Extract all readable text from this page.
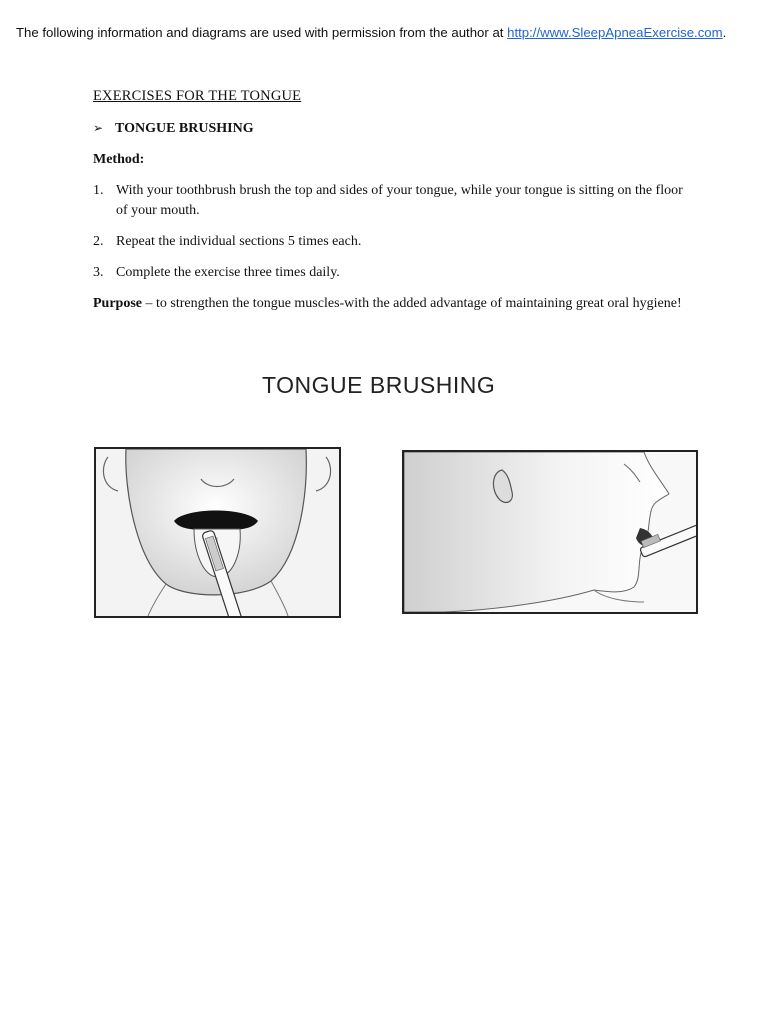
The following information and diagrams are used with permission from the author at http://www.SleepApneaExercise.com.
EXERCISES FOR THE TONGUE
➢ TONGUE BRUSHING
Method:
1. With your toothbrush brush the top and sides of your tongue, while your tongue is sitting on the floor of your mouth.
2. Repeat the individual sections 5 times each.
3. Complete the exercise three times daily.
Purpose – to strengthen the tongue muscles-with the added advantage of maintaining great oral hygiene!
TONGUE BRUSHING
